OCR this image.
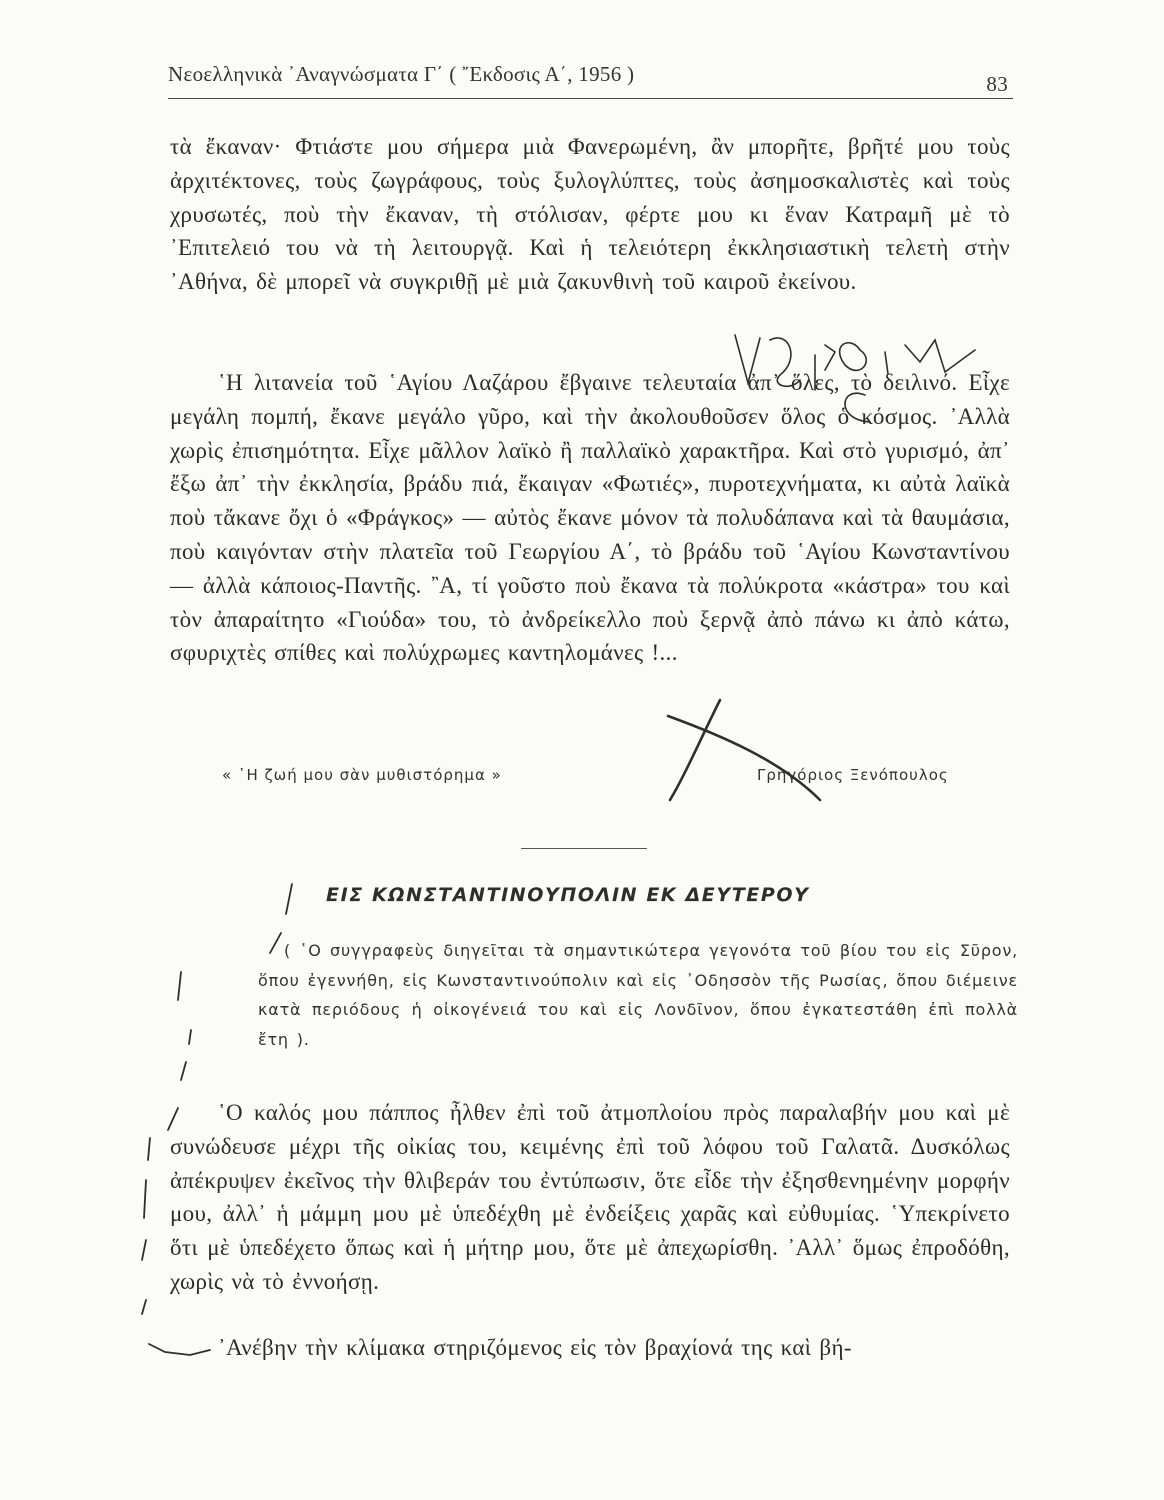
Νεοελληνικὰ ᾿Αναγνώσματα Γ΄ ( ῎Εκδοσις Α΄, 1956 )	83

τὰ ἔκαναν· Φτιάστε μου σήμερα μιὰ Φανερωμένη, ἂν μπορῆτε, βρῆτέ μου τοὺς ἀρχιτέκτονες, τοὺς ζωγράφους, τοὺς ξυλογλύπτες, τοὺς ἀσημοσκαλιστὲς καὶ τοὺς χρυσωτές, ποὺ τὴν ἔκαναν, τὴ στόλισαν, φέρτε μου κι ἕναν Κατραμῆ μὲ τὸ ᾿Επιτελειό του νὰ τὴ λειτουργᾷ. Καὶ ἡ τελειότερη ἐκκλησιαστικὴ τελετὴ στὴν ᾿Αθήνα, δὲ μπορεῖ νὰ συγκριθῇ μὲ μιὰ ζακυνθινὴ τοῦ καιροῦ ἐκείνου.

῾Η λιτανεία τοῦ ῾Αγίου Λαζάρου ἔβγαινε τελευταία ἀπ᾿ ὅλες, τὸ δειλινό. Εἶχε μεγάλη πομπή, ἔκανε μεγάλο γῦρο, καὶ τὴν ἀκολουθοῦσεν ὅλος ὁ κόσμος. ᾿Αλλὰ χωρὶς ἐπισημότητα. Εἶχε μᾶλλον λαϊκὸ ἢ παλλαϊκὸ χαρακτῆρα. Καὶ στὸ γυρισμό, ἀπ᾿ ἔξω ἀπ᾿ τὴν ἐκκλησία, βράδυ πιά, ἔκαιγαν «Φωτιές», πυροτεχνήματα, κι αὐτὰ λαϊκὰ ποὺ τἄκανε ὄχι ὁ «Φράγκος» — αὐτὸς ἔκανε μόνον τὰ πολυδάπανα καὶ τὰ θαυμάσια, ποὺ καιγόνταν στὴν πλατεῖα τοῦ Γεωργίου Α΄, τὸ βράδυ τοῦ ῾Αγίου Κωνσταντίνου — ἀλλὰ κάποιος-Παντῆς. ῍Α, τί γοῦστο ποὺ ἔκανα τὰ πολύκροτα «κάστρα» του καὶ τὸν ἀπαραίτητο «Γιούδα» του, τὸ ἀνδρείκελλο ποὺ ξερνᾷ ἀπὸ πάνω κι ἀπὸ κάτω, σφυριχτὲς σπίθες καὶ πολύχρωμες καντηλομάνες !...

« ῾Η ζωή μου σὰν μυθιστόρημα »	Γρηγόριος Ξενόπουλος
ΕΙΣ ΚΩΝΣΤΑΝΤΙΝΟΥΠΟΛΙΝ ΕΚ ΔΕΥΤΕΡΟΥ

( ῾Ο συγγραφεὺς διηγεῖται τὰ σημαντικώτερα γεγονότα τοῦ βίου του εἰς Σῦρον, ὅπου ἐγεννήθη, εἰς Κωνσταντινούπολιν καὶ εἰς ᾿Οδησσὸν τῆς Ρωσίας, ὅπου διέμεινε κατὰ περιόδους ἡ οἰκογένειά του καὶ εἰς Λονδῖνον, ὅπου ἐγκατεστάθη ἐπὶ πολλὰ ἔτη ).

῾Ο καλός μου πάππος ἦλθεν ἐπὶ τοῦ ἀτμοπλοίου πρὸς παραλαβήν μου καὶ μὲ συνώδευσε μέχρι τῆς οἰκίας του, κειμένης ἐπὶ τοῦ λόφου τοῦ Γαλατᾶ. Δυσκόλως ἀπέκρυψεν ἐκεῖνος τὴν θλιβεράν του ἐντύπωσιν, ὅτε εἶδε τὴν ἐξησθενημένην μορφήν μου, ἀλλ᾿ ἡ μάμμη μου μὲ ὑπεδέχθη μὲ ἐνδείξεις χαρᾶς καὶ εὐθυμίας. ῾Υπεκρίνετο ὅτι μὲ ὑπεδέχετο ὅπως καὶ ἡ μήτηρ μου, ὅτε μὲ ἀπεχωρίσθη. ᾿Αλλ᾿ ὅμως ἐπροδόθη, χωρὶς νὰ τὸ ἐννοήσῃ.

᾿Ανέβην τὴν κλίμακα στηριζόμενος εἰς τὸν βραχίονά της καὶ βή-
